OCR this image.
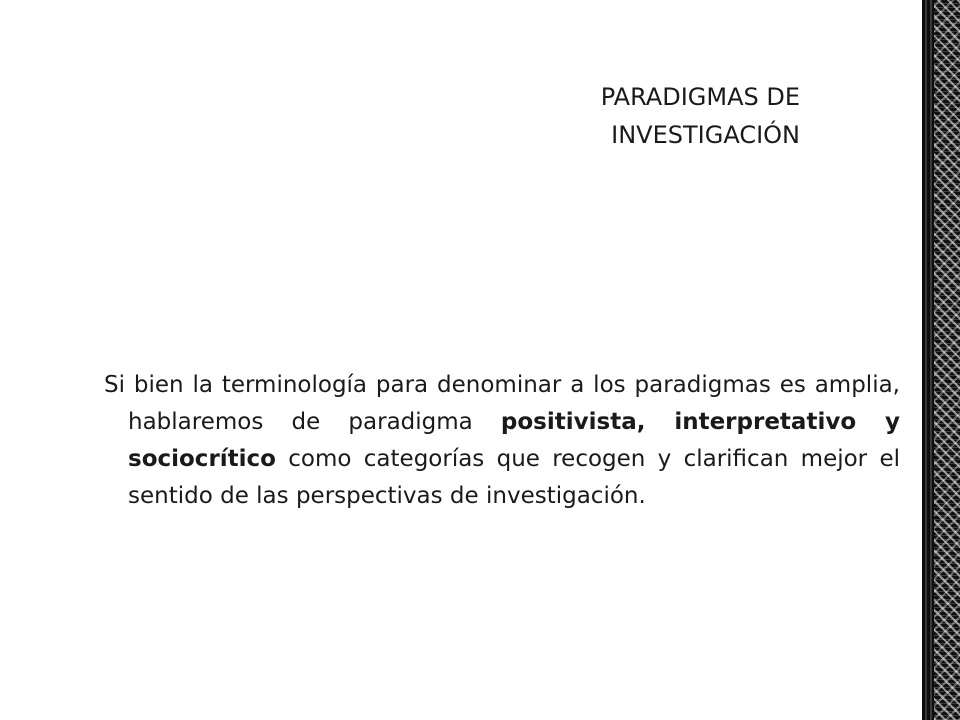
PARADIGMAS DE
INVESTIGACIÓN

Si bien la terminología para denominar a los paradigmas es amplia, hablaremos de paradigma positivista, interpretativo y sociocrítico como categorías que recogen y clarifican mejor el sentido de las perspectivas de investigación.
